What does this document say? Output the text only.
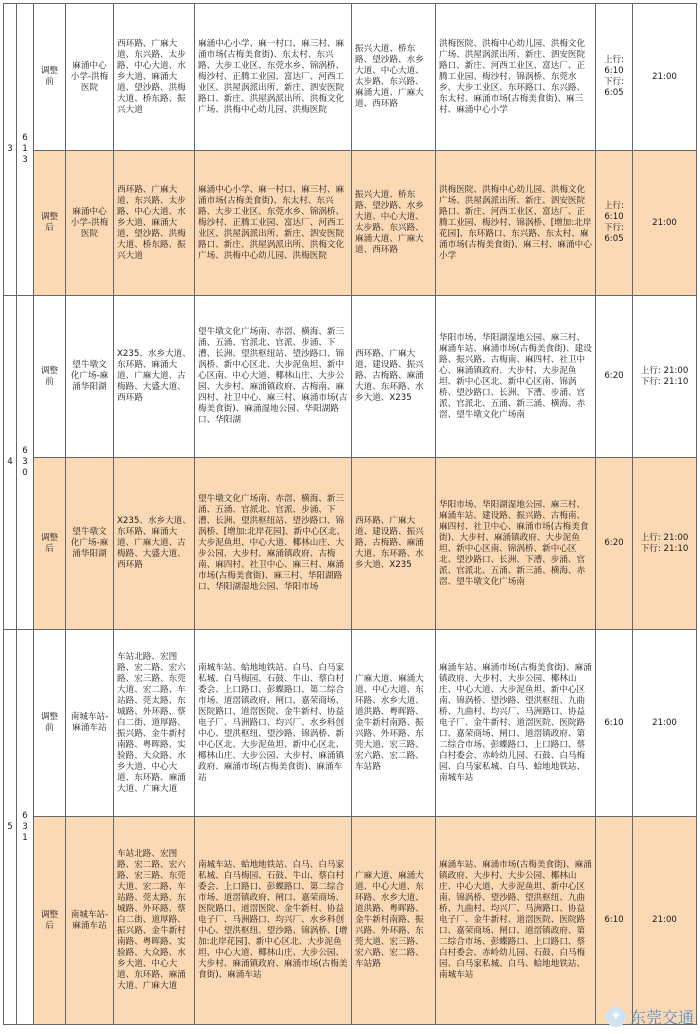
3	613	调整前	麻涌中心小学-洪梅医院	西环路、广麻大道、东兴路、太步路、中心大道、水乡大道、麻涌大道、望沙路、洪梅大道、桥东路、振兴大道	麻涌中心小学、麻一村口、麻三村、麻涌市场(古梅美食街)、东太村、东兴路、大步工业区、东莞水乡、锦涡桥、梅沙村、正腾工业园、富达厂、河西工业区、洪屋涡派出所、新庄、泗安医院路口、新庄、洪屋涡派出所、洪梅文化广场、洪梅中心幼儿园、洪梅医院	振兴大道、桥东路、望沙路、水乡大道、中心大道、太步路、东兴路、麻涌大道、广麻大道、西环路	洪梅医院、洪梅中心幼儿园、洪梅文化广场、洪屋涡派出所、新庄、泗安医院路口、新庄、河西工业区、富达厂、正腾工业园、梅沙村、锦涡桥、东莞水乡、大步工业区、东环路口、东兴路、东太村、麻涌市场(古梅美食街)、麻三村、麻涌中心小学	上行: 6:10 下行: 6:05	21:00
		调整后	麻涌中心小学-洪梅医院	西环路、广麻大道、东兴路、太步路、中心大道、水乡大道、麻涌大道、望沙路、洪梅大道、桥东路、振兴大道	麻涌中心小学、麻一村口、麻三村、麻涌市场(古梅美食街)、东太村、东兴路、大步工业区、东莞水乡、锦涡桥、梅沙村、正腾工业园、富达厂、河西工业区、洪屋涡派出所、新庄、泗安医院路口、新庄、洪屋涡派出所、洪梅文化广场、洪梅中心幼儿园、洪梅医院	振兴大道、桥东路、望沙路、水乡大道、中心大道、太步路、东兴路、麻涌大道、广麻大道、西环路	洪梅医院、洪梅中心幼儿园、洪梅文化广场、洪屋涡派出所、新庄、泗安医院路口、新庄、河西工业区、富达厂、正腾工业园、梅沙村、锦涡桥、[增加:北岸花园]、东环路口、东兴路、东太村、麻涌市场(古梅美食街)、麻三村、麻涌中心小学	上行: 6:10 下行: 6:05	21:00
4	630	调整前	望牛墩文化广场-麻涌华阳湖	X235、水乡大道、东环路、麻涌大道、广麻大道、古梅路、大盛大道、西环路	望牛墩文化广场南、赤滘、横海、新三涌、五涌、官派北、官派、步涌、下漕、长洲、望洪枢纽站、望沙路口、锦涡桥、新中心区北、大步泥鱼坦、新中心区南、中心大道、椰林山庄、大步公园、大步村、麻涌镇政府、古梅南、麻四村、社卫中心、麻三村、麻涌市场(古梅美食街)、麻涌湿地公园、华阳湖路口、华阳湖	西环路、广麻大道、建设路、振兴路、古梅路、麻涌大道、东环路、水乡大道、X235	华阳市场、华阳湖湿地公园、麻三村、麻涌车站、麻涌市场(古梅美食街)、建设路、振兴路、古梅南、麻四村、社卫中心、麻涌镇政府、大步村、大步泥鱼坦、新中心区北、新中心区南、锦涡桥、望沙路口、长洲、下漕、步涌、官派、官派北、五涌、新三涌、横海、赤滘、望牛墩文化广场南	6:20	上行: 21:00 下行: 21:10
		调整后	望牛墩文化广场-麻涌华阳湖	X235、水乡大道、东环路、麻涌大道、广麻大道、古梅路、大盛大道、西环路	望牛墩文化广场南、赤滘、横海、新三涌、五涌、官派北、官派、步涌、下漕、长洲、望洪枢纽站、望沙路口、锦涡桥、[增加:北岸花园]、新中心区北、大步泥鱼坦、中心大道、椰林山庄、大步公园、大步村、麻涌镇政府、古梅南、麻四村、社卫中心、麻三村、麻涌市场(古梅美食街)、麻三村、华阳湖路口、华阳湖湿地公园、华阳市场	西环路、广麻大道、建设路、振兴路、古梅路、麻涌大道、东环路、水乡大道、X235	华阳市场、华阳湖湿地公园、麻三村、麻涌车站、建设路、振兴路、古梅南、麻四村、社卫中心、麻涌市场(古梅美食街)、大步村、麻涌镇政府、大步泥鱼坦、新中心区南、锦涡桥、新中心区北、望沙路口、长洲、下漕、步涌、官派、官派北、五涌、新三涌、横海、赤滘、望牛墩文化广场南	6:20	上行: 21:00 下行: 21:10
5	631	调整前	南城车站-麻涌车站	车站北路、宏图路、宏二路、宏六路、宏三路、东莞大道、宏二路、车站路、莞太路、东城路、外环路、蔡白二街、道厚路、振兴路、金牛新村南路、粤晖路、实验路、大众路、水乡大道、中心大道、东环路、麻涌大道、广麻大道	南城车站、蛤地地铁站、白马、白马家私城、白马梅园、石鼓、牛山、蔡白村委会、上口路口、彭蝶路口、第二综合市场、道滘镇政府、闸口、嘉荣商场、医院路口、道滘医院、金牛新村、协益电子厂、马洲路口、均兴厂、水乡科创中心、望洪枢纽、望沙路、锦涡桥、新中心区北、大步泥鱼坦、新中心区北、椰林山庄、大步公园、大步村、麻涌镇政府、麻涌市场(古梅美食街)、麻涌车站	广麻大道、麻涌大道、中心大道、东环路、水乡大道、道洪路、粤晖路、金牛新村南路、振兴路、外环路、东莞大道、宏三路、宏六路、宏二路、车站路	麻涌车站、麻涌市场(古梅美食街)、麻涌镇政府、大步村、大步公园、椰林山庄、中心大道、大步泥鱼坦、新中心区南、锦涡桥、望沙路、望洪枢纽、九曲桥、九曲村、均兴厂、马洲路口、协益电子厂、金牛新村、道滘医院、医院路口、嘉荣商场、闸口、道滘镇政府、第二综合市场、彭蝶路口、上口路口、蔡白村委会、赤岭幼儿园、石鼓、白马梅园、白马家私城、白马、蛤地地铁站、南城车站	6:10	21:00
		调整后	南城车站-麻涌车站	车站北路、宏图路、宏二路、宏六路、宏三路、东莞大道、宏二路、车站路、莞太路、东城路、外环路、蔡白二街、道厚路、振兴路、金牛新村南路、粤晖路、实验路、大众路、水乡大道、中心大道、东环路、麻涌大道、广麻大道	南城车站、蛤地地铁站、白马、白马家私城、白马梅园、石鼓、牛山、蔡白村委会、上口路口、彭蝶路口、第二综合市场、道滘镇政府、闸口、嘉荣商场、医院路口、道滘医院、金牛新村、协益电子厂、马洲路口、均兴厂、水乡科创中心、望洪枢纽、望沙路、锦涡桥、[增加:北岸花园]、新中心区北、大步泥鱼坦、中心大道、椰林山庄、大步公园、大步村、麻涌镇政府、麻涌市场(古梅美食街)、麻涌车站	广麻大道、麻涌大道、中心大道、东环路、水乡大道、道洪路、粤晖路、金牛新村南路、振兴路、外环路、东莞大道、宏三路、宏六路、宏二路、车站路	麻涌车站、麻涌市场(古梅美食街)、麻涌镇政府、大步村、大步公园、椰林山庄、中心大道、大步泥鱼坦、新中心区南、锦涡桥、望沙路、望洪枢纽、九曲桥、九曲村、均兴厂、马洲路口、协益电子厂、金牛新村、道滘医院、医院路口、嘉荣商场、闸口、道滘镇政府、第二综合市场、彭蝶路口、上口路口、蔡白村委会、赤岭幼儿园、石鼓、白马梅园、白马家私城、白马、蛤地地铁站、南城车站	6:10	21:00
✦ 东莞交通
